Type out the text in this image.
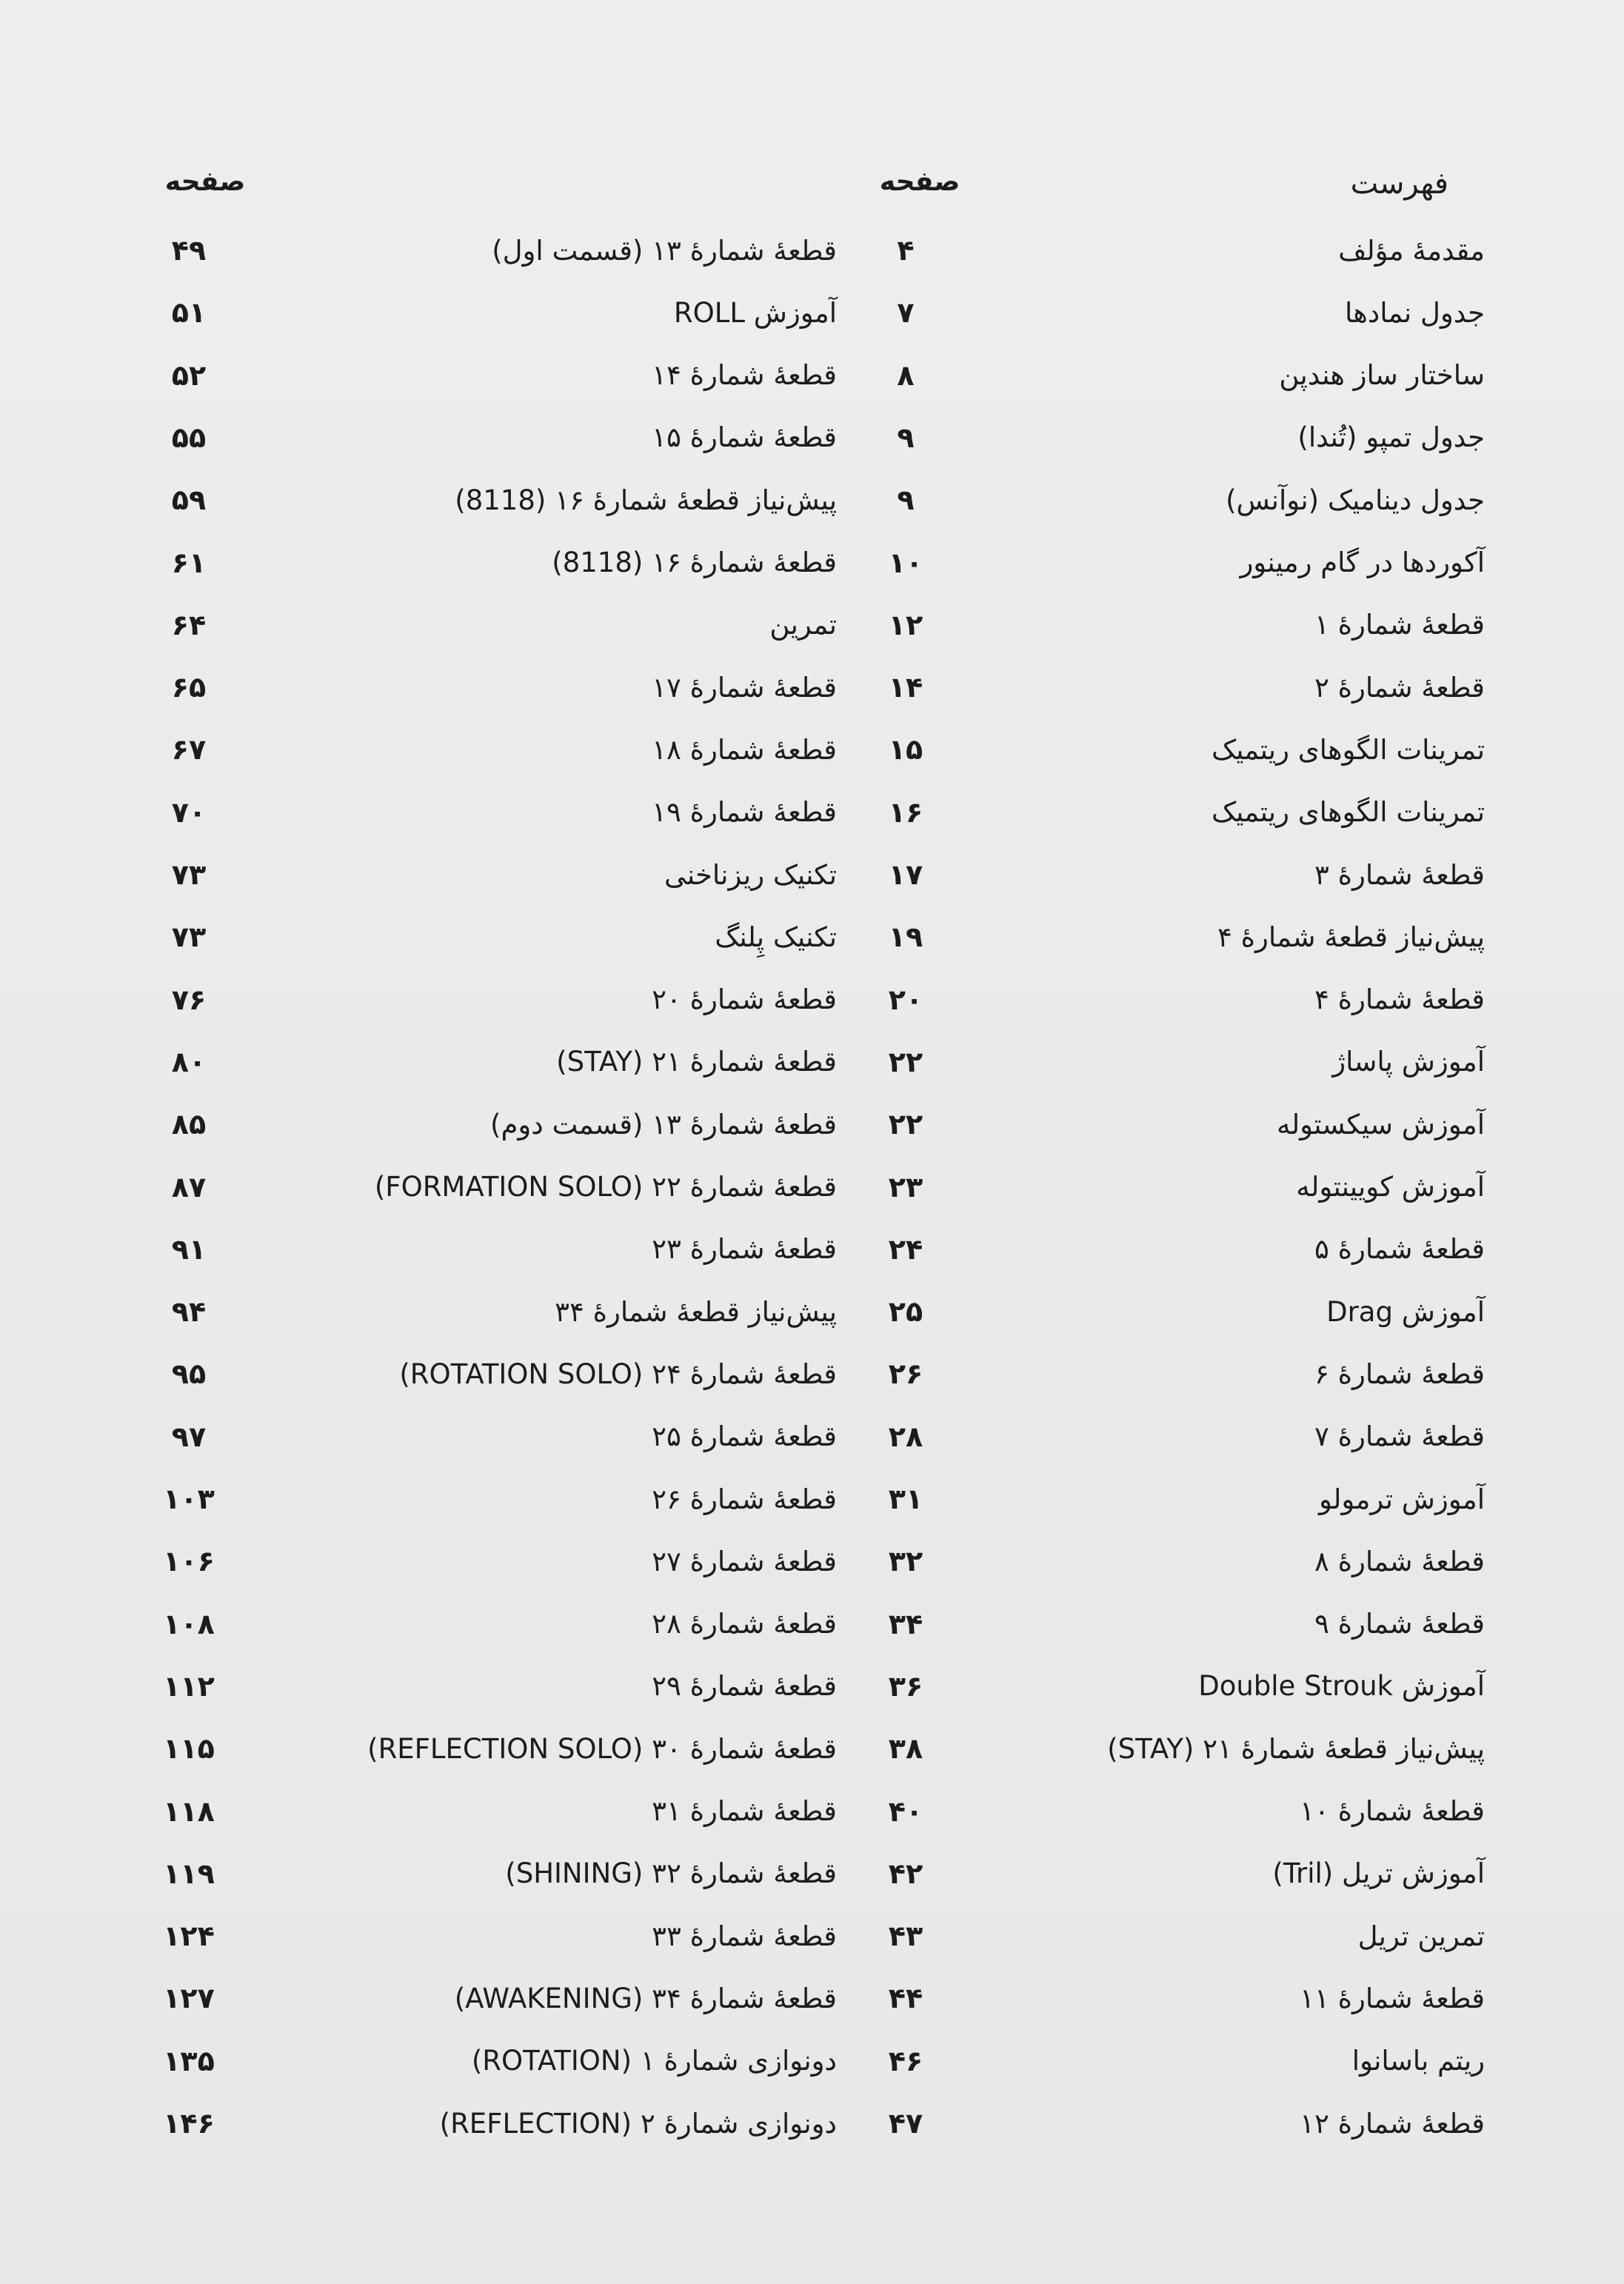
فهرست
صفحه
صفحه
مقدمهٔ مؤلف
۴
جدول نمادها
۷
ساختار ساز هندپن
۸
جدول تمپو (تُندا)
۹
جدول دینامیک (نوآنس)
۹
آکوردها در گام رمینور
۱۰
قطعهٔ شمارهٔ ۱
۱۲
قطعهٔ شمارهٔ ۲
۱۴
تمرینات الگوهای ریتمیک
۱۵
تمرینات الگوهای ریتمیک
۱۶
قطعهٔ شمارهٔ ۳
۱۷
پیش‌نیاز قطعهٔ شمارهٔ ۴
۱۹
قطعهٔ شمارهٔ ۴
۲۰
آموزش پاساژ
۲۲
آموزش سیکستوله
۲۲
آموزش کویینتوله
۲۳
قطعهٔ شمارهٔ ۵
۲۴
آموزش Drag
۲۵
قطعهٔ شمارهٔ ۶
۲۶
قطعهٔ شمارهٔ ۷
۲۸
آموزش ترمولو
۳۱
قطعهٔ شمارهٔ ۸
۳۲
قطعهٔ شمارهٔ ۹
۳۴
آموزش Double Strouk
۳۶
پیش‌نیاز قطعهٔ شمارهٔ ۲۱ (STAY)
۳۸
قطعهٔ شمارهٔ ۱۰
۴۰
آموزش تریل (Tril)
۴۲
تمرین تریل
۴۳
قطعهٔ شمارهٔ ۱۱
۴۴
ریتم باسانوا
۴۶
قطعهٔ شمارهٔ ۱۲
۴۷
قطعهٔ شمارهٔ ۱۳ (قسمت اول)
۴۹
آموزش ROLL
۵۱
قطعهٔ شمارهٔ ۱۴
۵۲
قطعهٔ شمارهٔ ۱۵
۵۵
پیش‌نیاز قطعهٔ شمارهٔ ۱۶ (8118)
۵۹
قطعهٔ شمارهٔ ۱۶ (8118)
۶۱
تمرین
۶۴
قطعهٔ شمارهٔ ۱۷
۶۵
قطعهٔ شمارهٔ ۱۸
۶۷
قطعهٔ شمارهٔ ۱۹
۷۰
تکنیک ریزناخنی
۷۳
تکنیک پِلنگ
۷۳
قطعهٔ شمارهٔ ۲۰
۷۶
قطعهٔ شمارهٔ ۲۱ (STAY)
۸۰
قطعهٔ شمارهٔ ۱۳ (قسمت دوم)
۸۵
قطعهٔ شمارهٔ ۲۲ (FORMATION SOLO)
۸۷
قطعهٔ شمارهٔ ۲۳
۹۱
پیش‌نیاز قطعهٔ شمارهٔ ۳۴
۹۴
قطعهٔ شمارهٔ ۲۴ (ROTATION SOLO)
۹۵
قطعهٔ شمارهٔ ۲۵
۹۷
قطعهٔ شمارهٔ ۲۶
۱۰۳
قطعهٔ شمارهٔ ۲۷
۱۰۶
قطعهٔ شمارهٔ ۲۸
۱۰۸
قطعهٔ شمارهٔ ۲۹
۱۱۲
قطعهٔ شمارهٔ ۳۰ (REFLECTION SOLO)
۱۱۵
قطعهٔ شمارهٔ ۳۱
۱۱۸
قطعهٔ شمارهٔ ۳۲ (SHINING)
۱۱۹
قطعهٔ شمارهٔ ۳۳
۱۲۴
قطعهٔ شمارهٔ ۳۴ (AWAKENING)
۱۲۷
دونوازی شمارهٔ ۱ (ROTATION)
۱۳۵
دونوازی شمارهٔ ۲ (REFLECTION)
۱۴۶
